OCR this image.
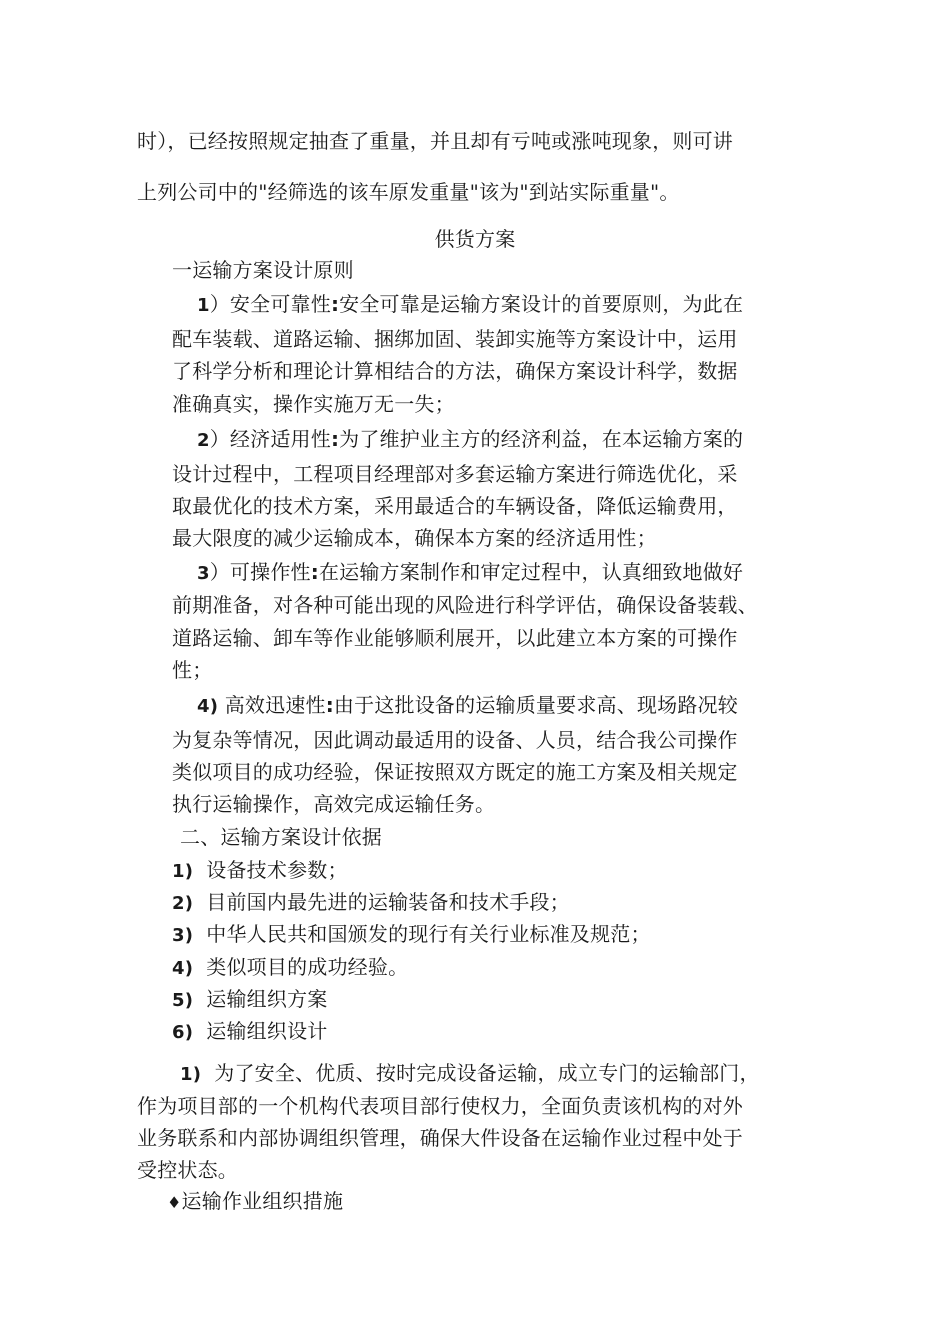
时），已经按照规定抽查了重量，并且却有亏吨或涨吨现象，则可讲
上列公司中的"经筛选的该车原发重量"该为"到站实际重量"。
供货方案
一运输方案设计原则
1）安全可靠性:安全可靠是运输方案设计的首要原则，为此在
配车装载、道路运输、捆绑加固、装卸实施等方案设计中，运用
了科学分析和理论计算相结合的方法，确保方案设计科学，数据
准确真实，操作实施万无一失；
2）经济适用性:为了维护业主方的经济利益，在本运输方案的
设计过程中，工程项目经理部对多套运输方案进行筛选优化，采
取最优化的技术方案，采用最适合的车辆设备，降低运输费用，
最大限度的减少运输成本，确保本方案的经济适用性；
3）可操作性:在运输方案制作和审定过程中，认真细致地做好
前期准备，对各种可能出现的风险进行科学评估，确保设备装载、
道路运输、卸车等作业能够顺利展开，以此建立本方案的可操作
性；
4) 高效迅速性:由于这批设备的运输质量要求高、现场路况较
为复杂等情况，因此调动最适用的设备、人员，结合我公司操作
类似项目的成功经验，保证按照双方既定的施工方案及相关规定
执行运输操作，高效完成运输任务。
二、运输方案设计依据
1) 设备技术参数；
2) 目前国内最先进的运输装备和技术手段；
3) 中华人民共和国颁发的现行有关行业标准及规范；
4) 类似项目的成功经验。
5) 运输组织方案
6) 运输组织设计
1) 为了安全、优质、按时完成设备运输，成立专门的运输部门，
作为项目部的一个机构代表项目部行使权力，全面负责该机构的对外
业务联系和内部协调组织管理，确保大件设备在运输作业过程中处于
受控状态。
♦运输作业组织措施
